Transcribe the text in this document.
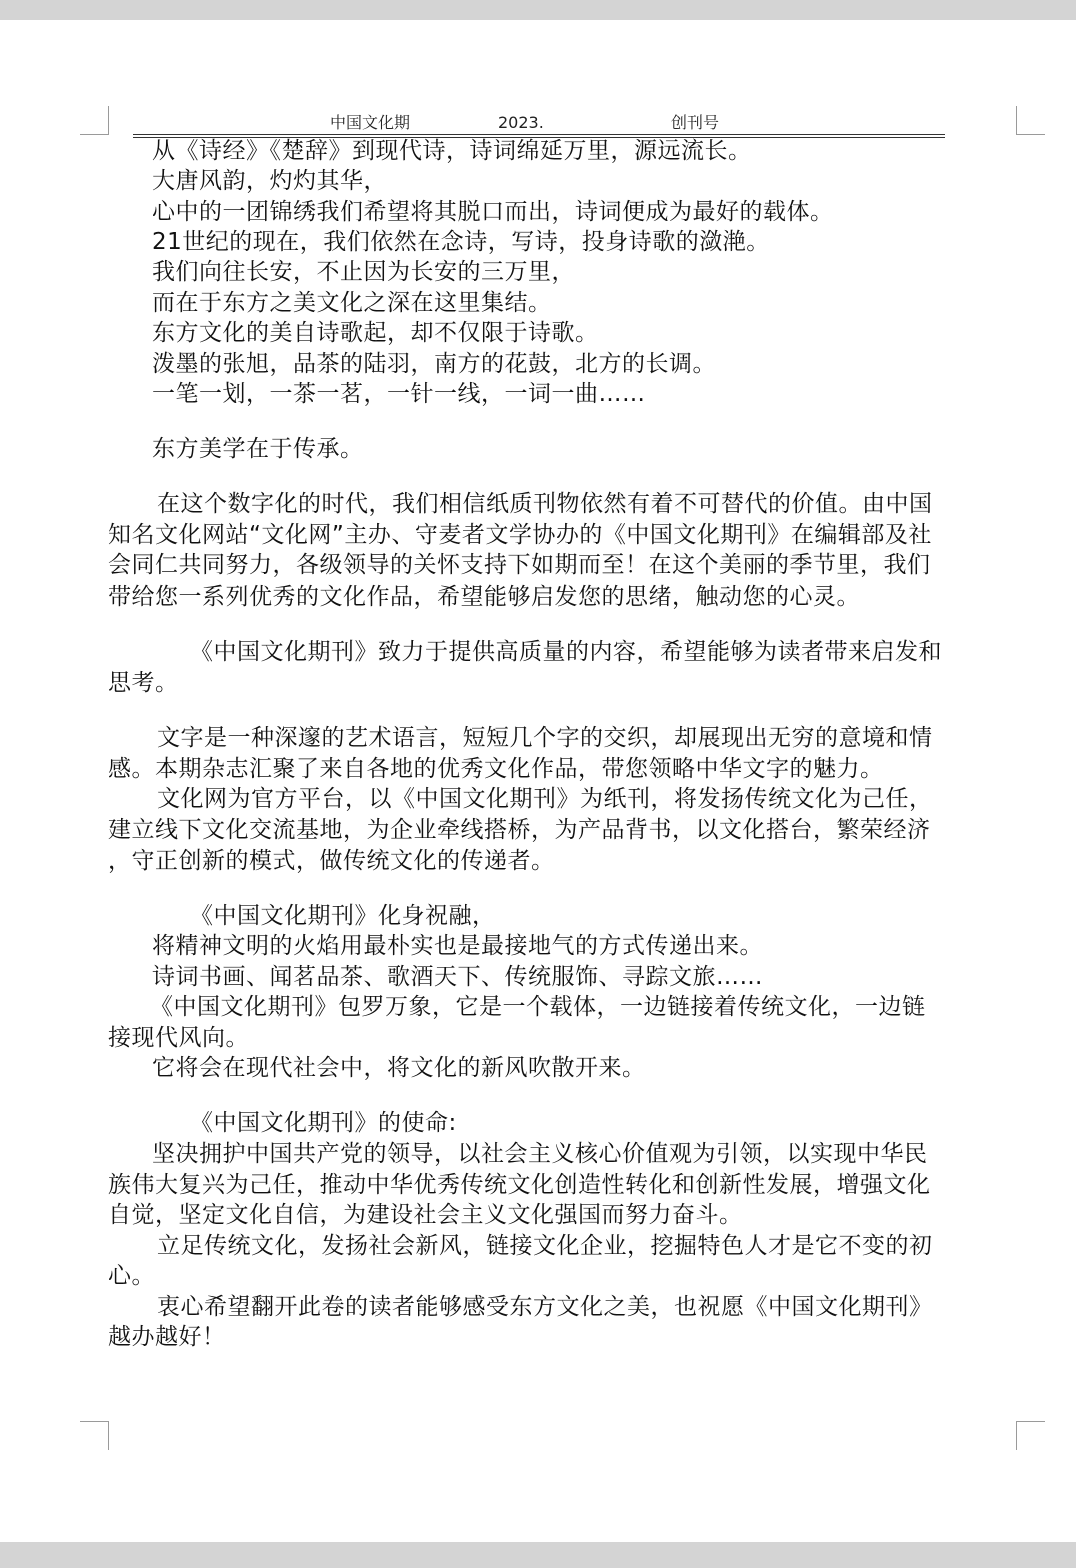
中国文化期	2023.	创刊号
从《诗经》《楚辞》到现代诗，诗词绵延万里，源远流长。
大唐风韵，灼灼其华，
心中的一团锦绣我们希望将其脱口而出，诗词便成为最好的载体。
21世纪的现在，我们依然在念诗，写诗，投身诗歌的潋滟。
我们向往长安，不止因为长安的三万里，
而在于东方之美文化之深在这里集结。
东方文化的美自诗歌起，却不仅限于诗歌。
泼墨的张旭，品茶的陆羽，南方的花鼓，北方的长调。
一笔一划，一茶一茗，一针一线，一词一曲……
东方美学在于传承。
在这个数字化的时代，我们相信纸质刊物依然有着不可替代的价值。由中国
知名文化网站“文化网”主办、守麦者文学协办的《中国文化期刊》在编辑部及社
会同仁共同努力，各级领导的关怀支持下如期而至！在这个美丽的季节里，我们
带给您一系列优秀的文化作品，希望能够启发您的思绪，触动您的心灵。
《中国文化期刊》致力于提供高质量的内容，希望能够为读者带来启发和
思考。
文字是一种深邃的艺术语言，短短几个字的交织，却展现出无穷的意境和情
感。本期杂志汇聚了来自各地的优秀文化作品，带您领略中华文字的魅力。
文化网为官方平台，以《中国文化期刊》为纸刊，将发扬传统文化为己任，
建立线下文化交流基地，为企业牵线搭桥，为产品背书，以文化搭台，繁荣经济
，守正创新的模式，做传统文化的传递者。
《中国文化期刊》化身祝融，
将精神文明的火焰用最朴实也是最接地气的方式传递出来。
诗词书画、闻茗品茶、歌酒天下、传统服饰、寻踪文旅……
《中国文化期刊》包罗万象，它是一个载体，一边链接着传统文化，一边链
接现代风向。
它将会在现代社会中，将文化的新风吹散开来。
《中国文化期刊》的使命:
坚决拥护中国共产党的领导，以社会主义核心价值观为引领，以实现中华民
族伟大复兴为己任，推动中华优秀传统文化创造性转化和创新性发展，增强文化
自觉，坚定文化自信，为建设社会主义文化强国而努力奋斗。
立足传统文化，发扬社会新风，链接文化企业，挖掘特色人才是它不变的初
心。
衷心希望翻开此卷的读者能够感受东方文化之美，也祝愿《中国文化期刊》
越办越好！
